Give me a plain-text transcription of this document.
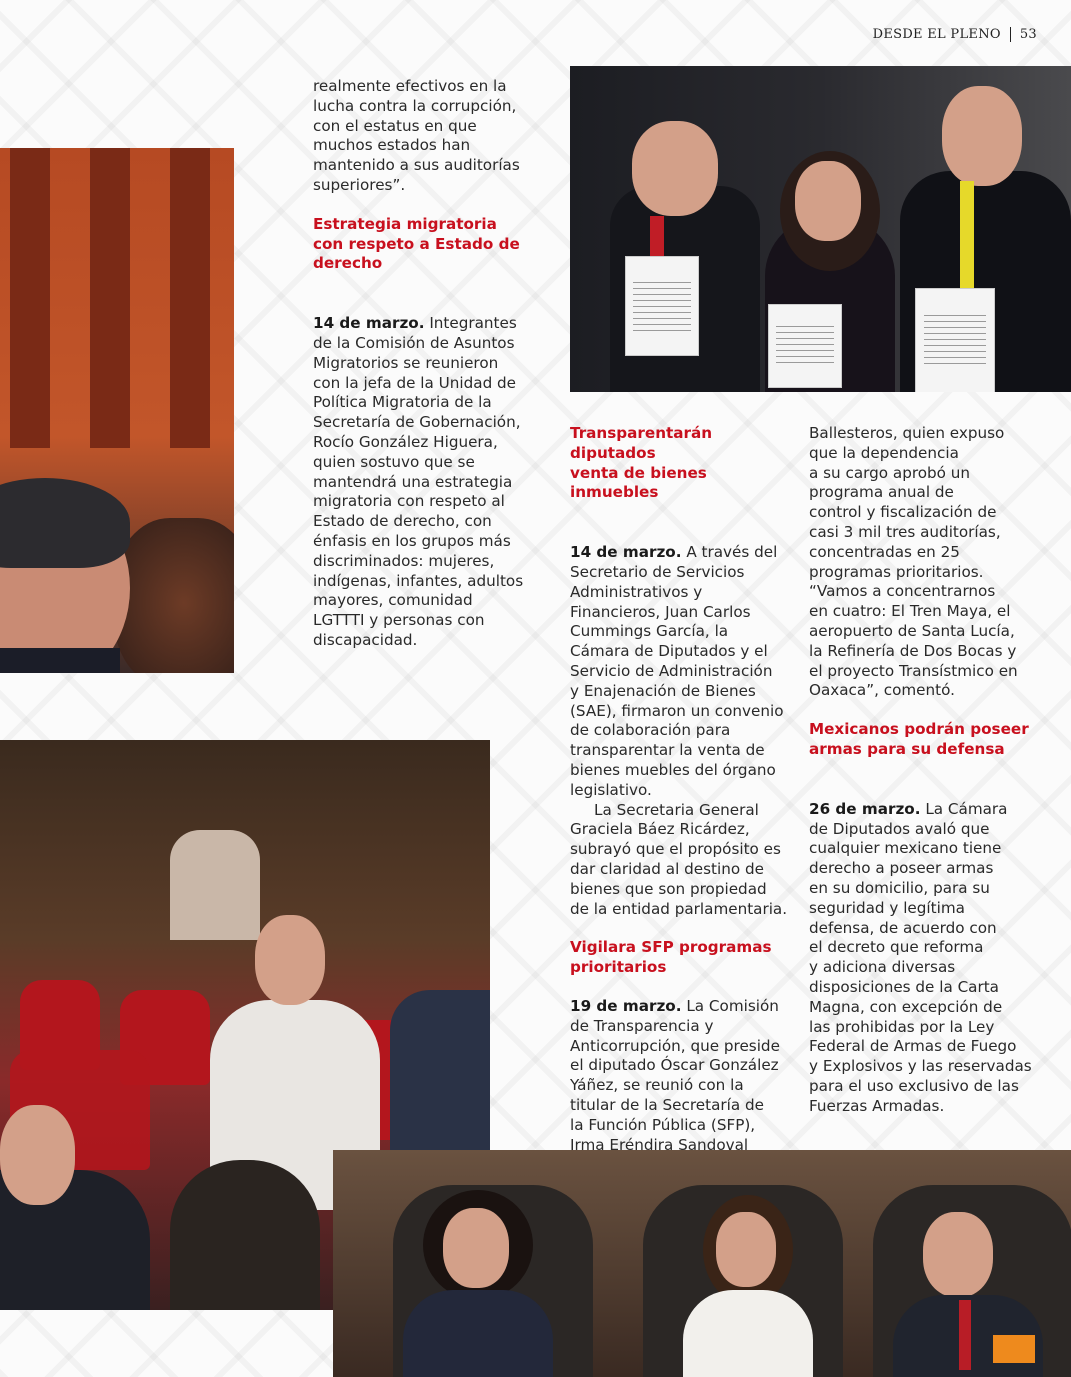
DESDE EL PLENO 53

realmente efectivos en la
lucha contra la corrupción,
con el estatus en que
muchos estados han
mantenido a sus auditorías
superiores”.

Estrategia migratoria
con respeto a Estado de
derecho

14 de marzo. Integrantes
de la Comisión de Asuntos
Migratorios se reunieron
con la jefa de la Unidad de
Política Migratoria de la
Secretaría de Gobernación,
Rocío González Higuera,
quien sostuvo que se
mantendrá una estrategia
migratoria con respeto al
Estado de derecho, con
énfasis en los grupos más
discriminados: mujeres,
indígenas, infantes, adultos
mayores, comunidad
LGTTTI y personas con
discapacidad.

Transparentarán diputados
venta de bienes inmuebles

14 de marzo. A través del
Secretario de Servicios
Administrativos y
Financieros, Juan Carlos
Cummings García, la
Cámara de Diputados y el
Servicio de Administración
y Enajenación de Bienes
(SAE), firmaron un convenio
de colaboración para
transparentar la venta de
bienes muebles del órgano
legislativo.

La Secretaria General
Graciela Báez Ricárdez,
subrayó que el propósito es
dar claridad al destino de
bienes que son propiedad
de la entidad parlamentaria.

Vigilara SFP programas
prioritarios

19 de marzo. La Comisión
de Transparencia y
Anticorrupción, que preside
el diputado Óscar González
Yáñez, se reunió con la
titular de la Secretaría de
la Función Pública (SFP),
Irma Eréndira Sandoval

Ballesteros, quien expuso
que la dependencia
a su cargo aprobó un
programa anual de
control y fiscalización de
casi 3 mil tres auditorías,
concentradas en 25
programas prioritarios.
“Vamos a concentrarnos
en cuatro: El Tren Maya, el
aeropuerto de Santa Lucía,
la Refinería de Dos Bocas y
el proyecto Transístmico en
Oaxaca”, comentó.

Mexicanos podrán poseer
armas para su defensa

26 de marzo. La Cámara
de Diputados avaló que
cualquier mexicano tiene
derecho a poseer armas
en su domicilio, para su
seguridad y legítima
defensa, de acuerdo con
el decreto que reforma
y adiciona diversas
disposiciones de la Carta
Magna, con excepción de
las prohibidas por la Ley
Federal de Armas de Fuego
y Explosivos y las reservadas
para el uso exclusivo de las
Fuerzas Armadas.
